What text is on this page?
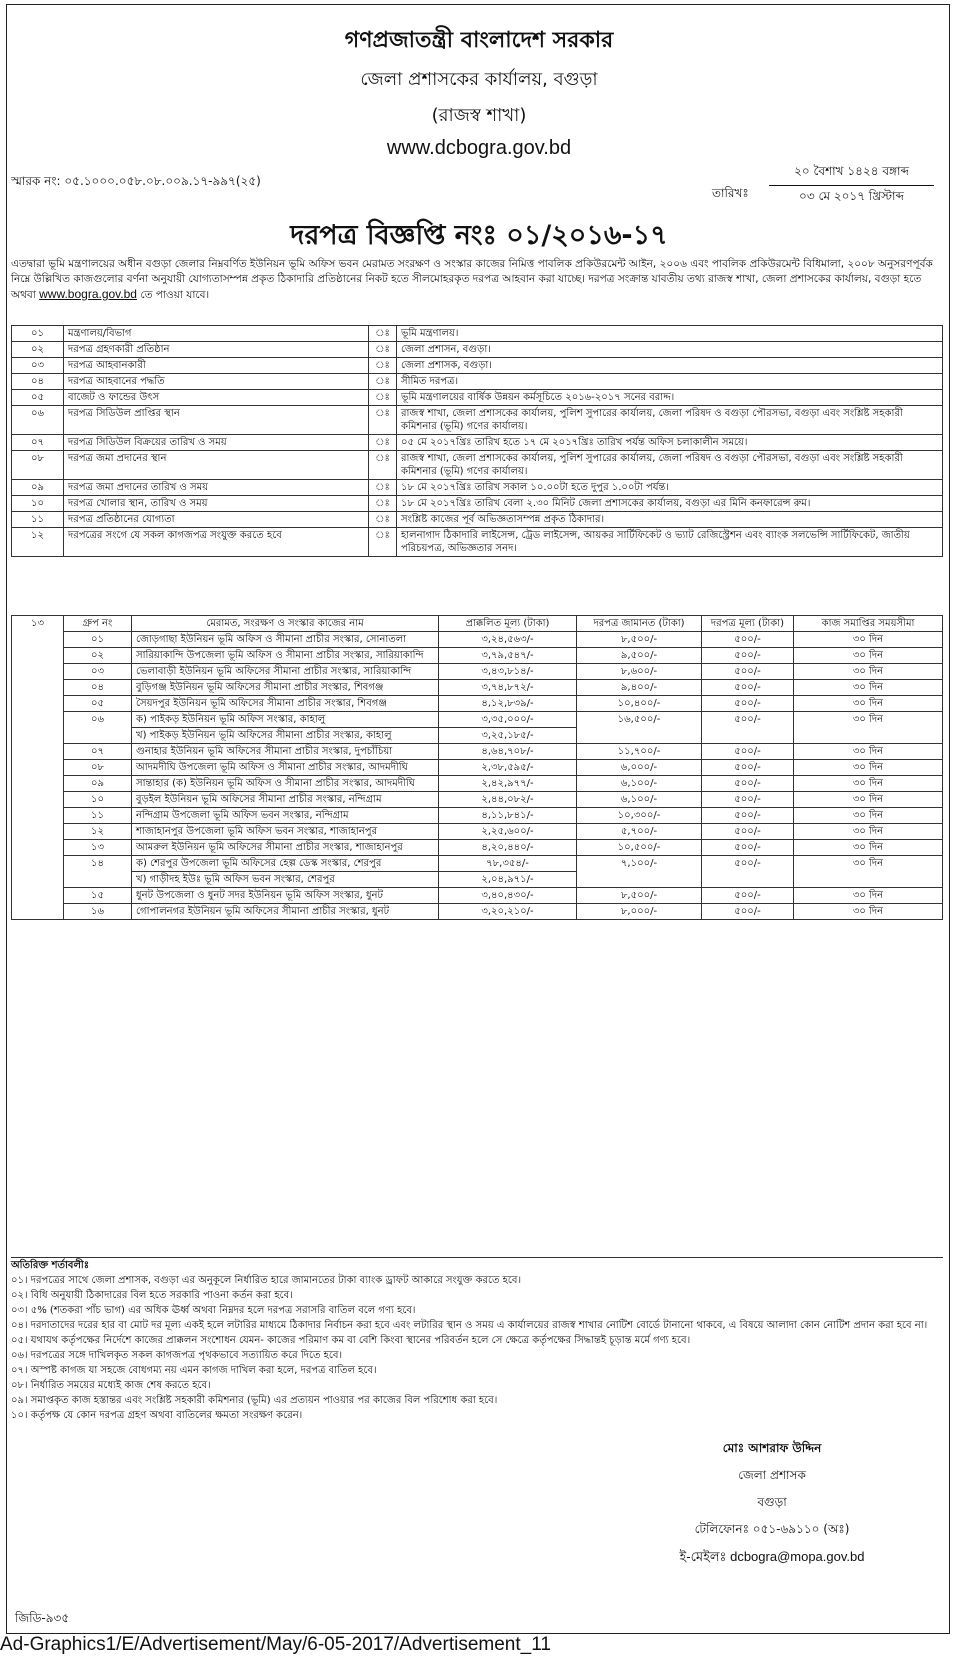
গণপ্রজাতন্ত্রী বাংলাদেশ সরকার
জেলা প্রশাসকের কার্যালয়, বগুড়া
(রাজস্ব শাখা)
www.dcbogra.gov.bd
স্মারক নং: ০৫.১০০০.০৫৮.০৮.০০৯.১৭-৯৯৭(২৫)
তারিখঃ
২০ বৈশাখ ১৪২৪ বঙ্গাব্দ
০৩ মে ২০১৭ খ্রিস্টাব্দ
দরপত্র বিজ্ঞপ্তি নংঃ ০১/২০১৬-১৭
এতদ্বারা ভূমি মন্ত্রণালয়ের অধীন বগুড়া জেলার নিম্নবর্ণিত ইউনিয়ন ভূমি অফিস ভবন মেরামত সংরক্ষণ ও সংস্কার কাজের নিমিত্ত পাবলিক প্রকিউরমেন্ট আইন, ২০০৬ এবং পাবলিক প্রকিউরমেন্ট বিধিমালা, ২০০৮ অনুসরণপূর্বক নিম্নে উল্লিখিত কাজগুলোর বর্ণনা অনুযায়ী যোগ্যতাসম্পন্ন প্রকৃত ঠিকাদারি প্রতিষ্ঠানের নিকট হতে সীলমোহরকৃত দরপত্র আহবান করা যাচ্ছে। দরপত্র সংক্রান্ত যাবতীয় তথ্য রাজস্ব শাখা, জেলা প্রশাসকের কার্যালয়, বগুড়া হতে অথবা www.bogra.gov.bd তে পাওয়া যাবে।
০১	মন্ত্রণালয়/বিভাগ	ঃ	ভূমি মন্ত্রণালয়।
০২	দরপত্র গ্রহণকারী প্রতিষ্ঠান	ঃ	জেলা প্রশাসন, বগুড়া।
০৩	দরপত্র আহবানকারী	ঃ	জেলা প্রশাসক, বগুড়া।
০৪	দরপত্র আহবানের পদ্ধতি	ঃ	সীমিত দরপত্র।
০৫	বাজেট ও ফান্ডের উৎস	ঃ	ভূমি মন্ত্রণালয়ের বার্ষিক উন্নয়ন কর্মসূচিতে ২০১৬-২০১৭ সনের বরাদ্দ।
০৬	দরপত্র সিডিউল প্রাপ্তির স্থান	ঃ	রাজস্ব শাখা, জেলা প্রশাসকের কার্যালয়, পুলিশ সুপারের কার্যালয়, জেলা পরিষদ ও বগুড়া পৌরসভা, বগুড়া এবং সংশ্লিষ্ট সহকারী কমিশনার (ভূমি) গণের কার্যালয়।
০৭	দরপত্র সিডিউল বিক্রয়ের তারিখ ও সময়	ঃ	০৫ মে ২০১৭খ্রিঃ তারিখ হতে ১৭ মে ২০১৭খ্রিঃ তারিখ পর্যন্ত অফিস চলাকালীন সময়ে।
০৮	দরপত্র জমা প্রদানের স্থান	ঃ	রাজস্ব শাখা, জেলা প্রশাসকের কার্যালয়, পুলিশ সুপারের কার্যালয়, জেলা পরিষদ ও বগুড়া পৌরসভা, বগুড়া এবং সংশ্লিষ্ট সহকারী কমিশনার (ভূমি) গণের কার্যালয়।
০৯	দরপত্র জমা প্রদানের তারিখ ও সময়	ঃ	১৮ মে ২০১৭খ্রিঃ তারিখ সকাল ১০.০০টা হতে দুপুর ১.০০টা পর্যন্ত।
১০	দরপত্র খোলার স্থান, তারিখ ও সময়	ঃ	১৮ মে ২০১৭খ্রিঃ তারিখ বেলা ২.৩০ মিনিট জেলা প্রশাসকের কার্যালয়, বগুড়া এর মিনি কনফারেন্স রুম।
১১	দরপত্র প্রতিষ্ঠানের যোগ্যতা	ঃ	সংশ্লিষ্ট কাজের পূর্ব অভিজ্ঞতাসম্পন্ন প্রকৃত ঠিকাদার।
১২	দরপত্রের সংগে যে সকল কাগজপত্র সংযুক্ত করতে হবে	ঃ	হালনাগাদ ঠিকাদারি লাইসেন্স, ট্রেড লাইসেন্স, আয়কর সার্টিফিকেট ও ভ্যাট রেজিস্ট্রেশন এবং ব্যাংক সলভেন্সি সার্টিফিকেট, জাতীয় পরিচয়পত্র, অভিজ্ঞতার সনদ।
১৩	গ্রুপ নং	মেরামত, সংরক্ষণ ও সংস্কার কাজের নাম	প্রাক্কলিত মূল্য (টাকা)	দরপত্র জামানত (টাকা)	দরপত্র মূল্য (টাকা)	কাজ সমাপ্তির সময়সীমা
	০১	জোড়গাছা ইউনিয়ন ভূমি অফিস ও সীমানা প্রাচীর সংস্কার, সোনাতলা	৩,২৪,৫৬৩/-	৮,৫০০/-	৫০০/-	৩০ দিন
	০২	সারিয়াকান্দি উপজেলা ভূমি অফিস ও সীমানা প্রাচীর সংস্কার, সারিয়াকান্দি	৩,৭৯,৫৪৭/-	৯,৫০০/-	৫০০/-	৩০ দিন
	০৩	ভেলাবাড়ী ইউনিয়ন ভূমি অফিসের সীমানা প্রাচীর সংস্কার, সারিয়াকান্দি	৩,৪৩,৮১৪/-	৮,৬০০/-	৫০০/-	৩০ দিন
	০৪	বুড়িগঞ্জ ইউনিয়ন ভূমি অফিসের সীমানা প্রাচীর সংস্কার, শিবগঞ্জ	৩,৭৪,৮৭২/-	৯,৪০০/-	৫০০/-	৩০ দিন
	০৫	সৈয়দপুর ইউনিয়ন ভূমি অফিসের সীমানা প্রাচীর সংস্কার, শিবগঞ্জ	৪,১২,৮৩৯/-	১০,৪০০/-	৫০০/-	৩০ দিন
	০৬	ক) পাইকড় ইউনিয়ন ভূমি অফিস সংস্কার, কাহালু	৩,৩৫,০০০/-	১৬,৫০০/-	৫০০/-	৩০ দিন
		খ) পাইকড় ইউনিয়ন ভূমি অফিসের সীমানা প্রাচীর সংস্কার, কাহালু	৩,২৫,১৮৫/-			
	০৭	গুনাহার ইউনিয়ন ভূমি অফিসের সীমানা প্রাচীর সংস্কার, দুপচাঁচিয়া	৪,৬৪,৭০৮/-	১১,৭০০/-	৫০০/-	৩০ দিন
	০৮	আদমদীঘি উপজেলা ভূমি অফিস ও সীমানা প্রাচীর সংস্কার, আদমদীঘি	২,৩৮,৫৯৫/-	৬,০০০/-	৫০০/-	৩০ দিন
	০৯	সান্তাহার (ক) ইউনিয়ন ভূমি অফিস ও সীমানা প্রাচীর সংস্কার, আদমদীঘি	২,৪২,৯৭৭/-	৬,১০০/-	৫০০/-	৩০ দিন
	১০	বুড়ইল ইউনিয়ন ভূমি অফিসের সীমানা প্রাচীর সংস্কার, নন্দিগ্রাম	২,৪৪,০৮২/-	৬,১০০/-	৫০০/-	৩০ দিন
	১১	নন্দিগ্রাম উপজেলা ভূমি অফিস ভবন সংস্কার, নন্দিগ্রাম	৪,১১,৮৪১/-	১০,৩০০/-	৫০০/-	৩০ দিন
	১২	শাজাহানপুর উপজেলা ভূমি অফিস ভবন সংস্কার, শাজাহানপুর	২,২৫,৬০০/-	৫,৭০০/-	৫০০/-	৩০ দিন
	১৩	আমরুল ইউনিয়ন ভূমি অফিসের সীমানা প্রাচীর সংস্কার, শাজাহানপুর	৪,২০,৪৪০/-	১০,৫০০/-	৫০০/-	৩০ দিন
	১৪	ক) শেরপুর উপজেলা ভূমি অফিসের হেল্প ডেস্ক সংস্কার, শেরপুর	৭৮,৩৫৪/-	৭,১০০/-	৫০০/-	৩০ দিন
		খ) গাড়ীদহ ইউঃ ভূমি অফিস ভবন সংস্কার, শেরপুর	২,০৪,৯৭১/-			
	১৫	ধুনট উপজেলা ও ধুনট সদর ইউনিয়ন ভূমি অফিস সংস্কার, ধুনট	৩,৪০,৪৩০/-	৮,৫০০/-	৫০০/-	৩০ দিন
	১৬	গোপালনগর ইউনিয়ন ভূমি অফিসের সীমানা প্রাচীর সংস্কার, ধুনট	৩,২০,২১০/-	৮,০০০/-	৫০০/-	৩০ দিন
অতিরিক্ত শর্তাবলীঃ
০১। দরপত্রের সাথে জেলা প্রশাসক, বগুড়া এর অনুকূলে নির্ধারিত হারে জামানতের টাকা ব্যাংক ড্রাফট আকারে সংযুক্ত করতে হবে।
০২। বিধি অনুযায়ী ঠিকাদারের বিল হতে সরকারি পাওনা কর্তন করা হবে।
০৩। ৫% (শতকরা পাঁচ ভাগ) এর অধিক ঊর্ধ্ব অথবা নিম্নদর হলে দরপত্র সরাসরি বাতিল বলে গণ্য হবে।
০৪। দরদাতাদের দরের হার বা মোট দর মূল্য একই হলে লটারির মাধ্যমে ঠিকাদার নির্বাচন করা হবে এবং লটারির স্থান ও সময় এ কার্যালয়ের রাজস্ব শাখার নোটিশ বোর্ডে টানানো থাকবে, এ বিষয়ে আলাদা কোন নোটিশ প্রদান করা হবে না।
০৫। যথাযথ কর্তৃপক্ষের নির্দেশে কাজের প্রাক্কলন সংশোধন যেমন- কাজের পরিমাণ কম বা বেশি কিংবা স্থানের পরিবর্তন হলে সে ক্ষেত্রে কর্তৃপক্ষের সিদ্ধান্তই চূড়ান্ত মর্মে গণ্য হবে।
০৬। দরপত্রের সঙ্গে দাখিলকৃত সকল কাগজপত্র পৃথকভাবে সত্যায়িত করে দিতে হবে।
০৭। অস্পষ্ট কাগজ যা সহজে বোধগম্য নয় এমন কাগজ দাখিল করা হলে, দরপত্র বাতিল হবে।
০৮। নির্ধারিত সময়ের মধ্যেই কাজ শেষ করতে হবে।
০৯। সমাপ্তকৃত কাজ হস্তান্তর এবং সংশ্লিষ্ট সহকারী কমিশনার (ভূমি) এর প্রত্যয়ন পাওয়ার পর কাজের বিল পরিশোধ করা হবে।
১০। কর্তৃপক্ষ যে কোন দরপত্র গ্রহণ অথবা বাতিলের ক্ষমতা সংরক্ষণ করেন।
মোঃ আশরাফ উদ্দিন
জেলা প্রশাসক
বগুড়া
টেলিফোনঃ ০৫১-৬৯১১০ (অঃ)
ই-মেইলঃ dcbogra@mopa.gov.bd
জিডি-৯৩৫
Ad-Graphics1/E/Advertisement/May/6-05-2017/Advertisement_11
